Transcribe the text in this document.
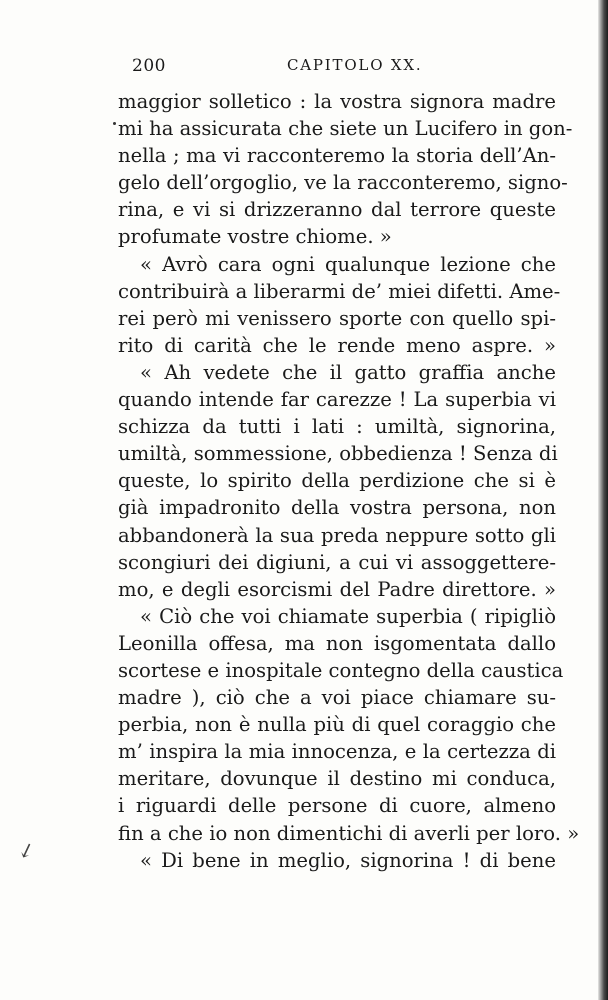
200	CAPITOLO XX.
maggior solletico : la vostra signora madre
mi ha assicurata che siete un Lucifero in gon-
nella ; ma vi racconteremo la storia dell’An-
gelo dell’orgoglio, ve la racconteremo, signo-
rina, e vi si drizzeranno dal terrore queste
profumate vostre chiome. »
« Avrò cara ogni qualunque lezione che
contribuirà a liberarmi de’ miei difetti. Ame-
rei però mi venissero sporte con quello spi-
rito di carità che le rende meno aspre. »
« Ah vedete che il gatto graffia anche
quando intende far carezze ! La superbia vi
schizza da tutti i lati : umiltà, signorina,
umiltà, sommessione, obbedienza ! Senza di
queste, lo spirito della perdizione che si è
già impadronito della vostra persona, non
abbandonerà la sua preda neppure sotto gli
scongiuri dei digiuni, a cui vi assoggettere-
mo, e degli esorcismi del Padre direttore. »
« Ciò che voi chiamate superbia ( ripigliò
Leonilla offesa, ma non isgomentata dallo
scortese e inospitale contegno della caustica
madre ), ciò che a voi piace chiamare su-
perbia, non è nulla più di quel coraggio che
m’ inspira la mia innocenza, e la certezza di
meritare, dovunque il destino mi conduca,
i riguardi delle persone di cuore, almeno
fin a che io non dimentichi di averli per loro. »
« Di bene in meglio, signorina ! di bene
↙
